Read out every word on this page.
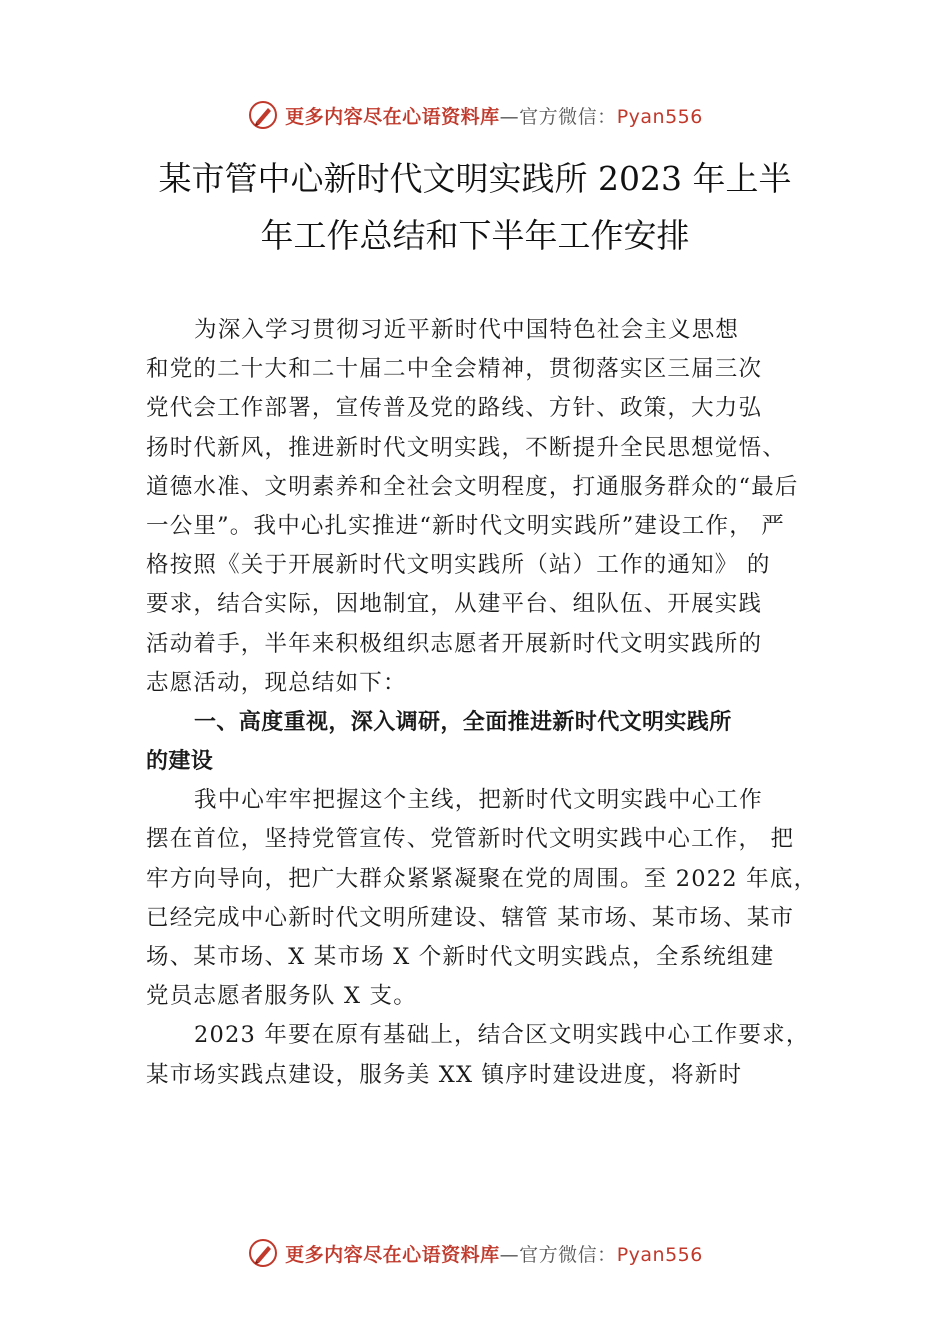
更多内容尽在心语资料库—官方微信：Pyan556
某市管中心新时代文明实践所 2023 年上半
年工作总结和下半年工作安排
为深入学习贯彻习近平新时代中国特色社会主义思想
和党的二十大和二十届二中全会精神，贯彻落实区三届三次
党代会工作部署，宣传普及党的路线、方针、政策，大力弘
扬时代新风，推进新时代文明实践，不断提升全民思想觉悟、
道德水准、文明素养和全社会文明程度，打通服务群众的“最后
一公里”。我中心扎实推进“新时代文明实践所”建设工作， 严
格按照《关于开展新时代文明实践所（站）工作的通知》 的
要求，结合实际，因地制宜，从建平台、组队伍、开展实践
活动着手，半年来积极组织志愿者开展新时代文明实践所的
志愿活动，现总结如下：
一、高度重视，深入调研，全面推进新时代文明实践所
的建设
我中心牢牢把握这个主线，把新时代文明实践中心工作
摆在首位，坚持党管宣传、党管新时代文明实践中心工作， 把
牢方向导向，把广大群众紧紧凝聚在党的周围。至 2022 年底，
已经完成中心新时代文明所建设、辖管 某市场、某市场、某市
场、某市场、X 某市场 X 个新时代文明实践点，全系统组建
党员志愿者服务队 X 支。
2023 年要在原有基础上，结合区文明实践中心工作要求，
某市场实践点建设，服务美 XX 镇序时建设进度，将新时
更多内容尽在心语资料库—官方微信：Pyan556
